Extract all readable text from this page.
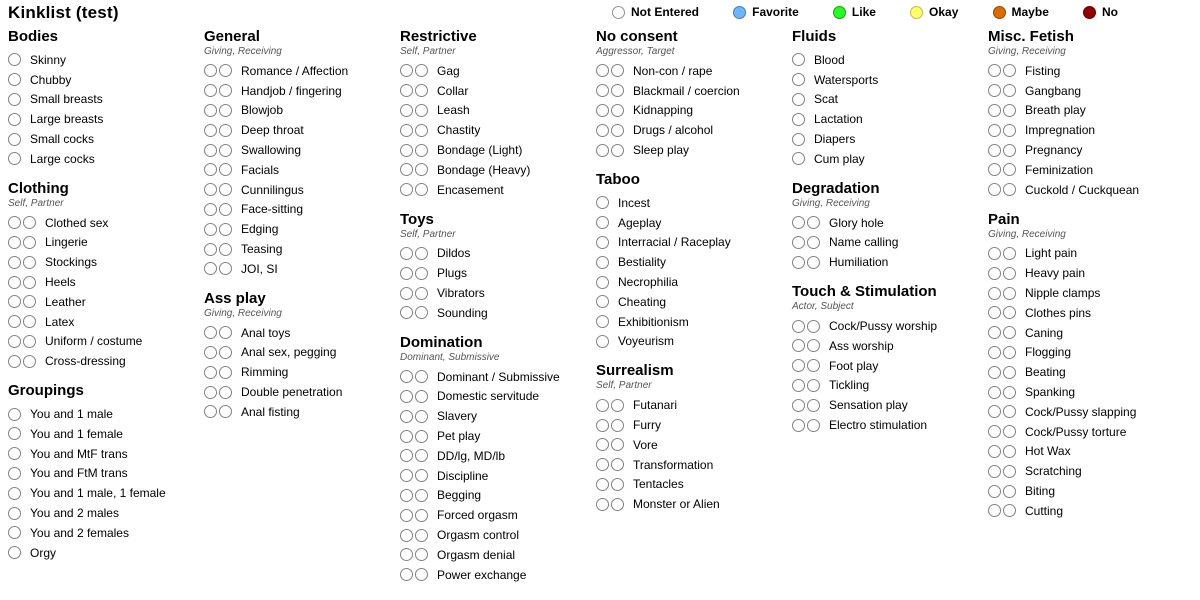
Kinklist (test)	Not Entered	Favorite	Like	Okay	Maybe	No
Bodies
Skinny
Chubby
Small breasts
Large breasts
Small cocks
Large cocks
Clothing
Self, Partner
Clothed sex
Lingerie
Stockings
Heels
Leather
Latex
Uniform / costume
Cross-dressing
Groupings
You and 1 male
You and 1 female
You and MtF trans
You and FtM trans
You and 1 male, 1 female
You and 2 males
You and 2 females
Orgy
General
Giving, Receiving
Romance / Affection
Handjob / fingering
Blowjob
Deep throat
Swallowing
Facials
Cunnilingus
Face-sitting
Edging
Teasing
JOI, SI
Ass play
Giving, Receiving
Anal toys
Anal sex, pegging
Rimming
Double penetration
Anal fisting
Restrictive
Self, Partner
Gag
Collar
Leash
Chastity
Bondage (Light)
Bondage (Heavy)
Encasement
Toys
Self, Partner
Dildos
Plugs
Vibrators
Sounding
Domination
Dominant, Submissive
Dominant / Submissive
Domestic servitude
Slavery
Pet play
DD/lg, MD/lb
Discipline
Begging
Forced orgasm
Orgasm control
Orgasm denial
Power exchange
No consent
Aggressor, Target
Non-con / rape
Blackmail / coercion
Kidnapping
Drugs / alcohol
Sleep play
Taboo
Incest
Ageplay
Interracial / Raceplay
Bestiality
Necrophilia
Cheating
Exhibitionism
Voyeurism
Surrealism
Self, Partner
Futanari
Furry
Vore
Transformation
Tentacles
Monster or Alien
Fluids
Blood
Watersports
Scat
Lactation
Diapers
Cum play
Degradation
Giving, Receiving
Glory hole
Name calling
Humiliation
Touch & Stimulation
Actor, Subject
Cock/Pussy worship
Ass worship
Foot play
Tickling
Sensation play
Electro stimulation
Misc. Fetish
Giving, Receiving
Fisting
Gangbang
Breath play
Impregnation
Pregnancy
Feminization
Cuckold / Cuckquean
Pain
Giving, Receiving
Light pain
Heavy pain
Nipple clamps
Clothes pins
Caning
Flogging
Beating
Spanking
Cock/Pussy slapping
Cock/Pussy torture
Hot Wax
Scratching
Biting
Cutting
